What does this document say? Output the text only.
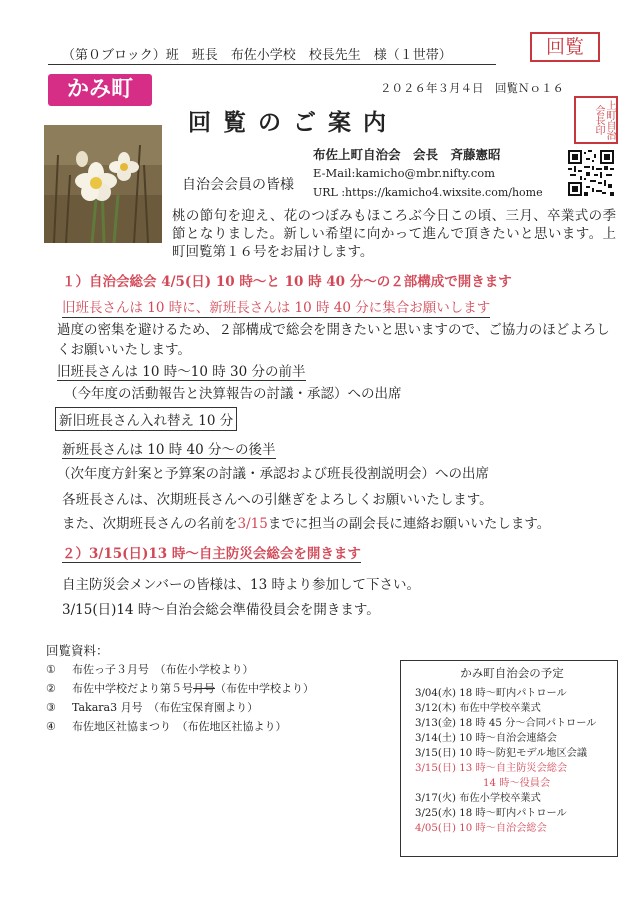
（第０ブロック）班　班長　布佐小学校　校長先生　様（１世帯）	回覧
かみ町	２０２６年３月４日　回覧Ｎｏ１６
上町自治会長印
回覧のご案内
布佐上町自治会　会長　斉藤憲昭
E-Mail:kamicho@mbr.nifty.com
自治会会員の皆様 URL :https://kamicho4.wixsite.com/home
桃の節句を迎え、花のつぼみもほころぶ今日この頃、三月、卒業式の季節となりました。新しい希望に向かって進んで頂きたいと思います。上町回覧第１６号をお届けします。
１）自治会総会 4/5(日) 10 時〜と 10 時 40 分〜の２部構成で開きます
旧班長さんは 10 時に、新班長さんは 10 時 40 分に集合お願いします
過度の密集を避けるため、２部構成で総会を開きたいと思いますので、ご協力のほどよろしくお願いいたします。
旧班長さんは 10 時〜10 時 30 分の前半
（今年度の活動報告と決算報告の討議・承認）への出席
新旧班長さん入れ替え 10 分
新班長さんは 10 時 40 分〜の後半
（次年度方針案と予算案の討議・承認および班長役割説明会）への出席
各班長さんは、次期班長さんへの引継ぎをよろしくお願いいたします。
また、次期班長さんの名前を3/15までに担当の副会長に連絡お願いいたします。
２）3/15(日)13 時〜自主防災会総会を開きます
自主防災会メンバーの皆様は、13 時より参加して下さい。
3/15(日)14 時〜自治会総会準備役員会を開きます。
回覧資料：
① 布佐っ子３月号　（布佐小学校より）
② 布佐中学校だより第５号月号（布佐中学校より）
③ Takara3 月号　（布佐宝保育園より）
④ 布佐地区社協まつり　（布佐地区社協より）
かみ町自治会の予定
3/04(水) 18 時〜町内パトロール
3/12(木) 布佐中学校卒業式
3/13(金) 18 時 45 分〜合同パトロール
3/14(土) 10 時〜自治会連絡会
3/15(日) 10 時〜防犯モデル地区会議
3/15(日) 13 時〜自主防災会総会
14 時〜役員会
3/17(火) 布佐小学校卒業式
3/25(水) 18 時〜町内パトロール
4/05(日) 10 時〜自治会総会
